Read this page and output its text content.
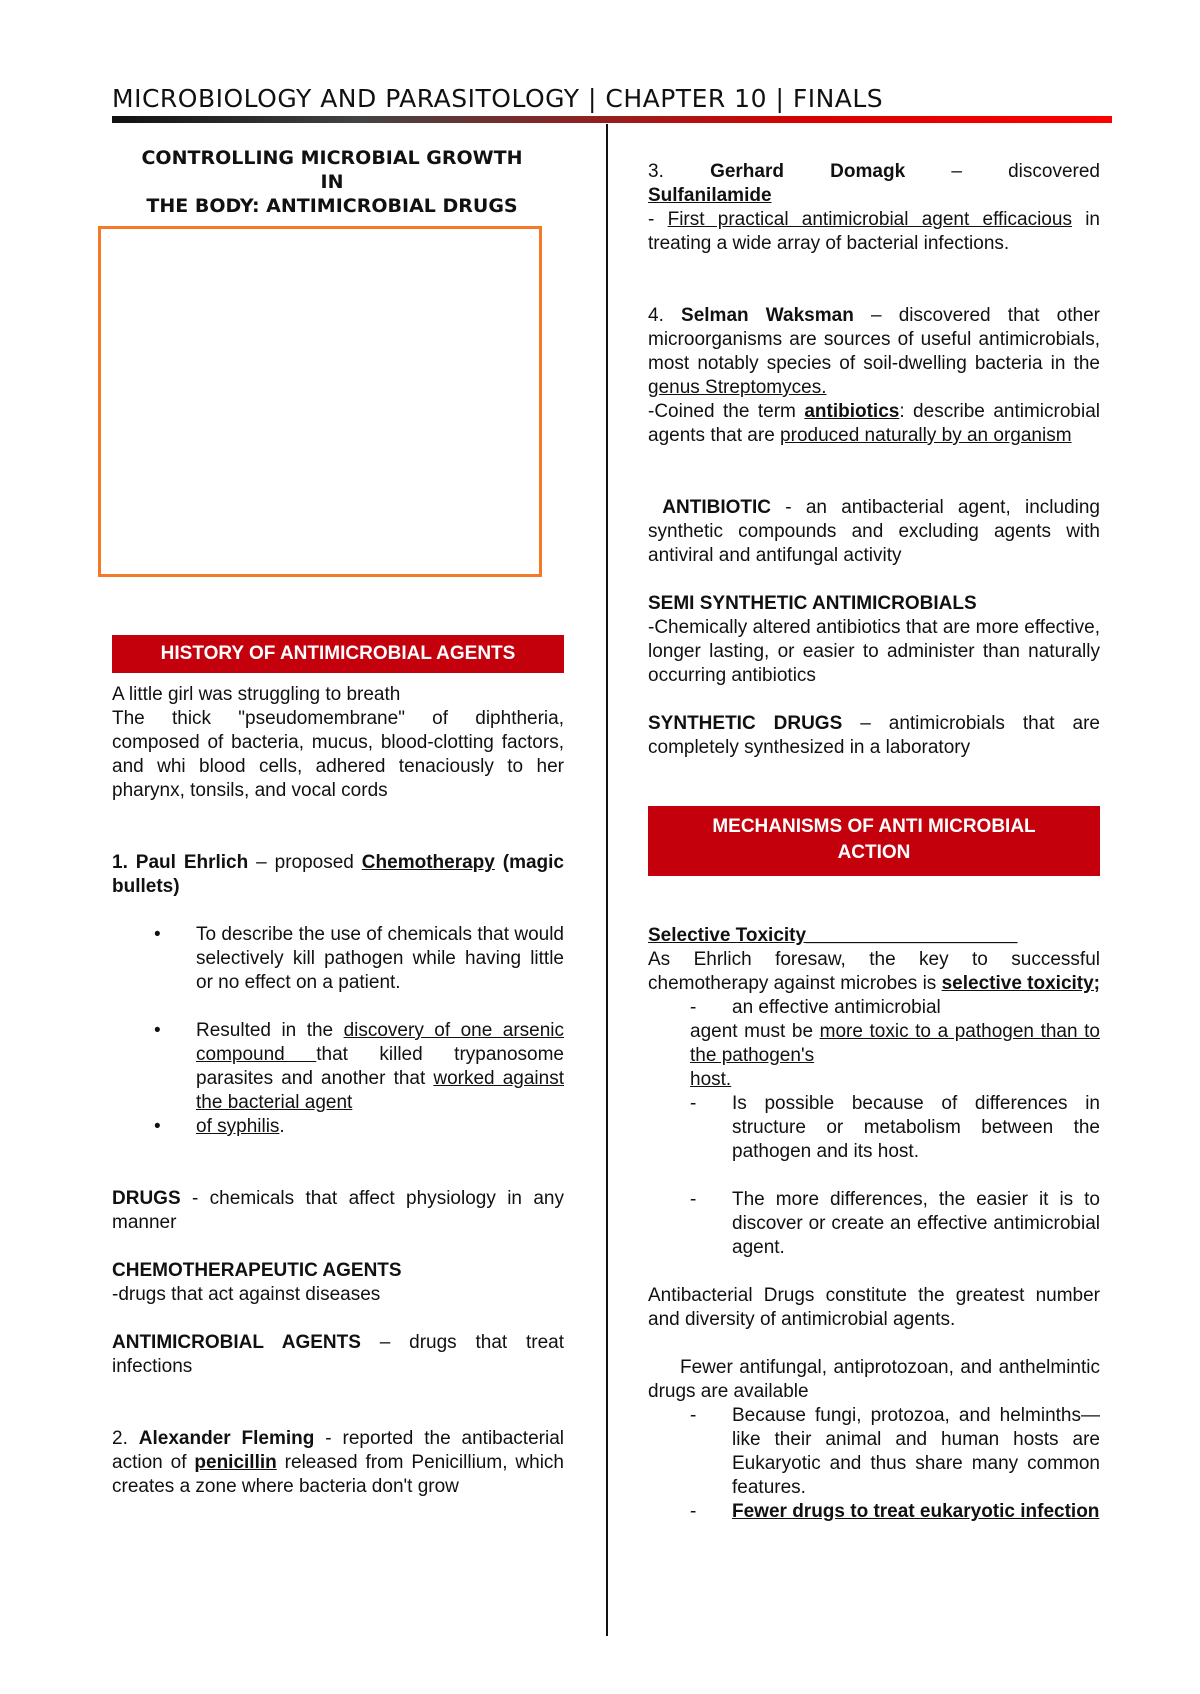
MICROBIOLOGY AND PARASITOLOGY | CHAPTER 10 | FINALS
CONTROLLING MICROBIAL GROWTH
IN
THE BODY: ANTIMICROBIAL DRUGS
HISTORY OF ANTIMICROBIAL AGENTS

A little girl was struggling to breath

The thick "pseudomembrane" of diphtheria, composed of bacteria, mucus, blood-clotting factors, and whi blood cells, adhered tenaciously to her pharynx, tonsils, and vocal cords

1. Paul Ehrlich – proposed Chemotherapy (magic bullets)

• To describe the use of chemicals that would selectively kill pathogen while having little or no effect on a patient.
• Resulted in the discovery of one arsenic compound that killed trypanosome parasites and another that worked against the bacterial agent
• of syphilis.

DRUGS - chemicals that affect physiology in any manner

CHEMOTHERAPEUTIC AGENTS

-drugs that act against diseases

ANTIMICROBIAL AGENTS – drugs that treat infections

2. Alexander Fleming - reported the antibacterial action of penicillin released from Penicillium, which creates a zone where bacteria don't grow

3. Gerhard Domagk – discovered

Sulfanilamide

- First practical antimicrobial agent efficacious in treating a wide array of bacterial infections.

4. Selman Waksman – discovered that other microorganisms are sources of useful antimicrobials, most notably species of soil-dwelling bacteria in the genus Streptomyces.

-Coined the term antibiotics: describe antimicrobial agents that are produced naturally by an organism

ANTIBIOTIC - an antibacterial agent, including synthetic compounds and excluding agents with antiviral and antifungal activity

SEMI SYNTHETIC ANTIMICROBIALS

-Chemically altered antibiotics that are more effective, longer lasting, or easier to administer than naturally occurring antibiotics

SYNTHETIC DRUGS – antimicrobials that are completely synthesized in a laboratory

MECHANISMS OF ANTI MICROBIAL
ACTION

Selective Toxicity____________________

As Ehrlich foresaw, the key to successful chemotherapy against microbes is selective toxicity;

- an effective antimicrobial

agent must be more toxic to a pathogen than to the pathogen's

host.

- Is possible because of differences in structure or metabolism between the pathogen and its host.
- The more differences, the easier it is to discover or create an effective antimicrobial agent.

Antibacterial Drugs constitute the greatest number and diversity of antimicrobial agents.

Fewer antifungal, antiprotozoan, and anthelmintic drugs are available

- Because fungi, protozoa, and helminths—like their animal and human hosts are Eukaryotic and thus share many common features.
- Fewer drugs to treat eukaryotic infection
